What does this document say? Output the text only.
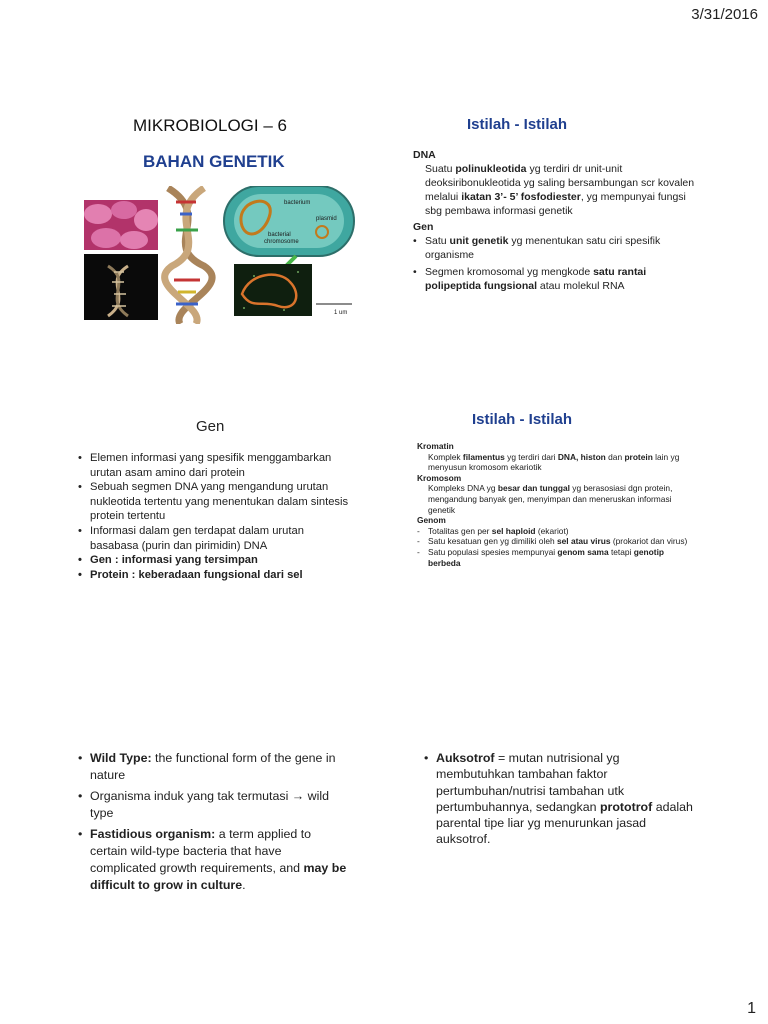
3/31/2016
MIKROBIOLOGI – 6
BAHAN GENETIK
bacterium
plasmid
bacterial
chromosome
1 um
Istilah - Istilah
DNA
Suatu polinukleotida yg terdiri dr unit-unit deoksiribonukleotida yg saling bersambungan scr kovalen melalui ikatan 3’- 5’ fosfodiester, yg mempunyai fungsi sbg pembawa informasi genetik
Gen
• Satu unit genetik yg menentukan satu ciri spesifik organisme
• Segmen kromosomal yg mengkode satu rantai polipeptida fungsional atau molekul RNA
Gen
• Elemen informasi yang spesifik menggambarkan urutan asam amino dari protein
• Sebuah segmen DNA yang mengandung urutan nukleotida tertentu yang menentukan dalam sintesis protein tertentu
• Informasi dalam gen terdapat dalam urutan basabasa (purin dan pirimidin) DNA
• Gen : informasi yang tersimpan
• Protein : keberadaan fungsional dari sel
Istilah - Istilah
Kromatin
Komplek filamentus yg terdiri dari DNA, histon dan protein lain yg menyusun kromosom ekariotik
Kromosom
Kompleks DNA yg besar dan tunggal yg berasosiasi dgn protein, mengandung banyak gen, menyimpan dan meneruskan informasi genetik
Genom
- Totalitas gen per sel haploid (ekariot)
- Satu kesatuan gen yg dimiliki oleh sel atau virus (prokariot dan virus)
- Satu populasi spesies mempunyai genom sama tetapi genotip berbeda
• Wild Type: the functional form of the gene in nature
• Organisma induk yang tak termutasi → wild type
• Fastidious organism: a term applied to certain wild-type bacteria that have complicated growth requirements, and may be difficult to grow in culture.
• Auksotrof = mutan nutrisional yg membutuhkan tambahan faktor pertumbuhan/nutrisi tambahan utk pertumbuhannya, sedangkan prototrof adalah parental tipe liar yg menurunkan jasad auksotrof.
1
